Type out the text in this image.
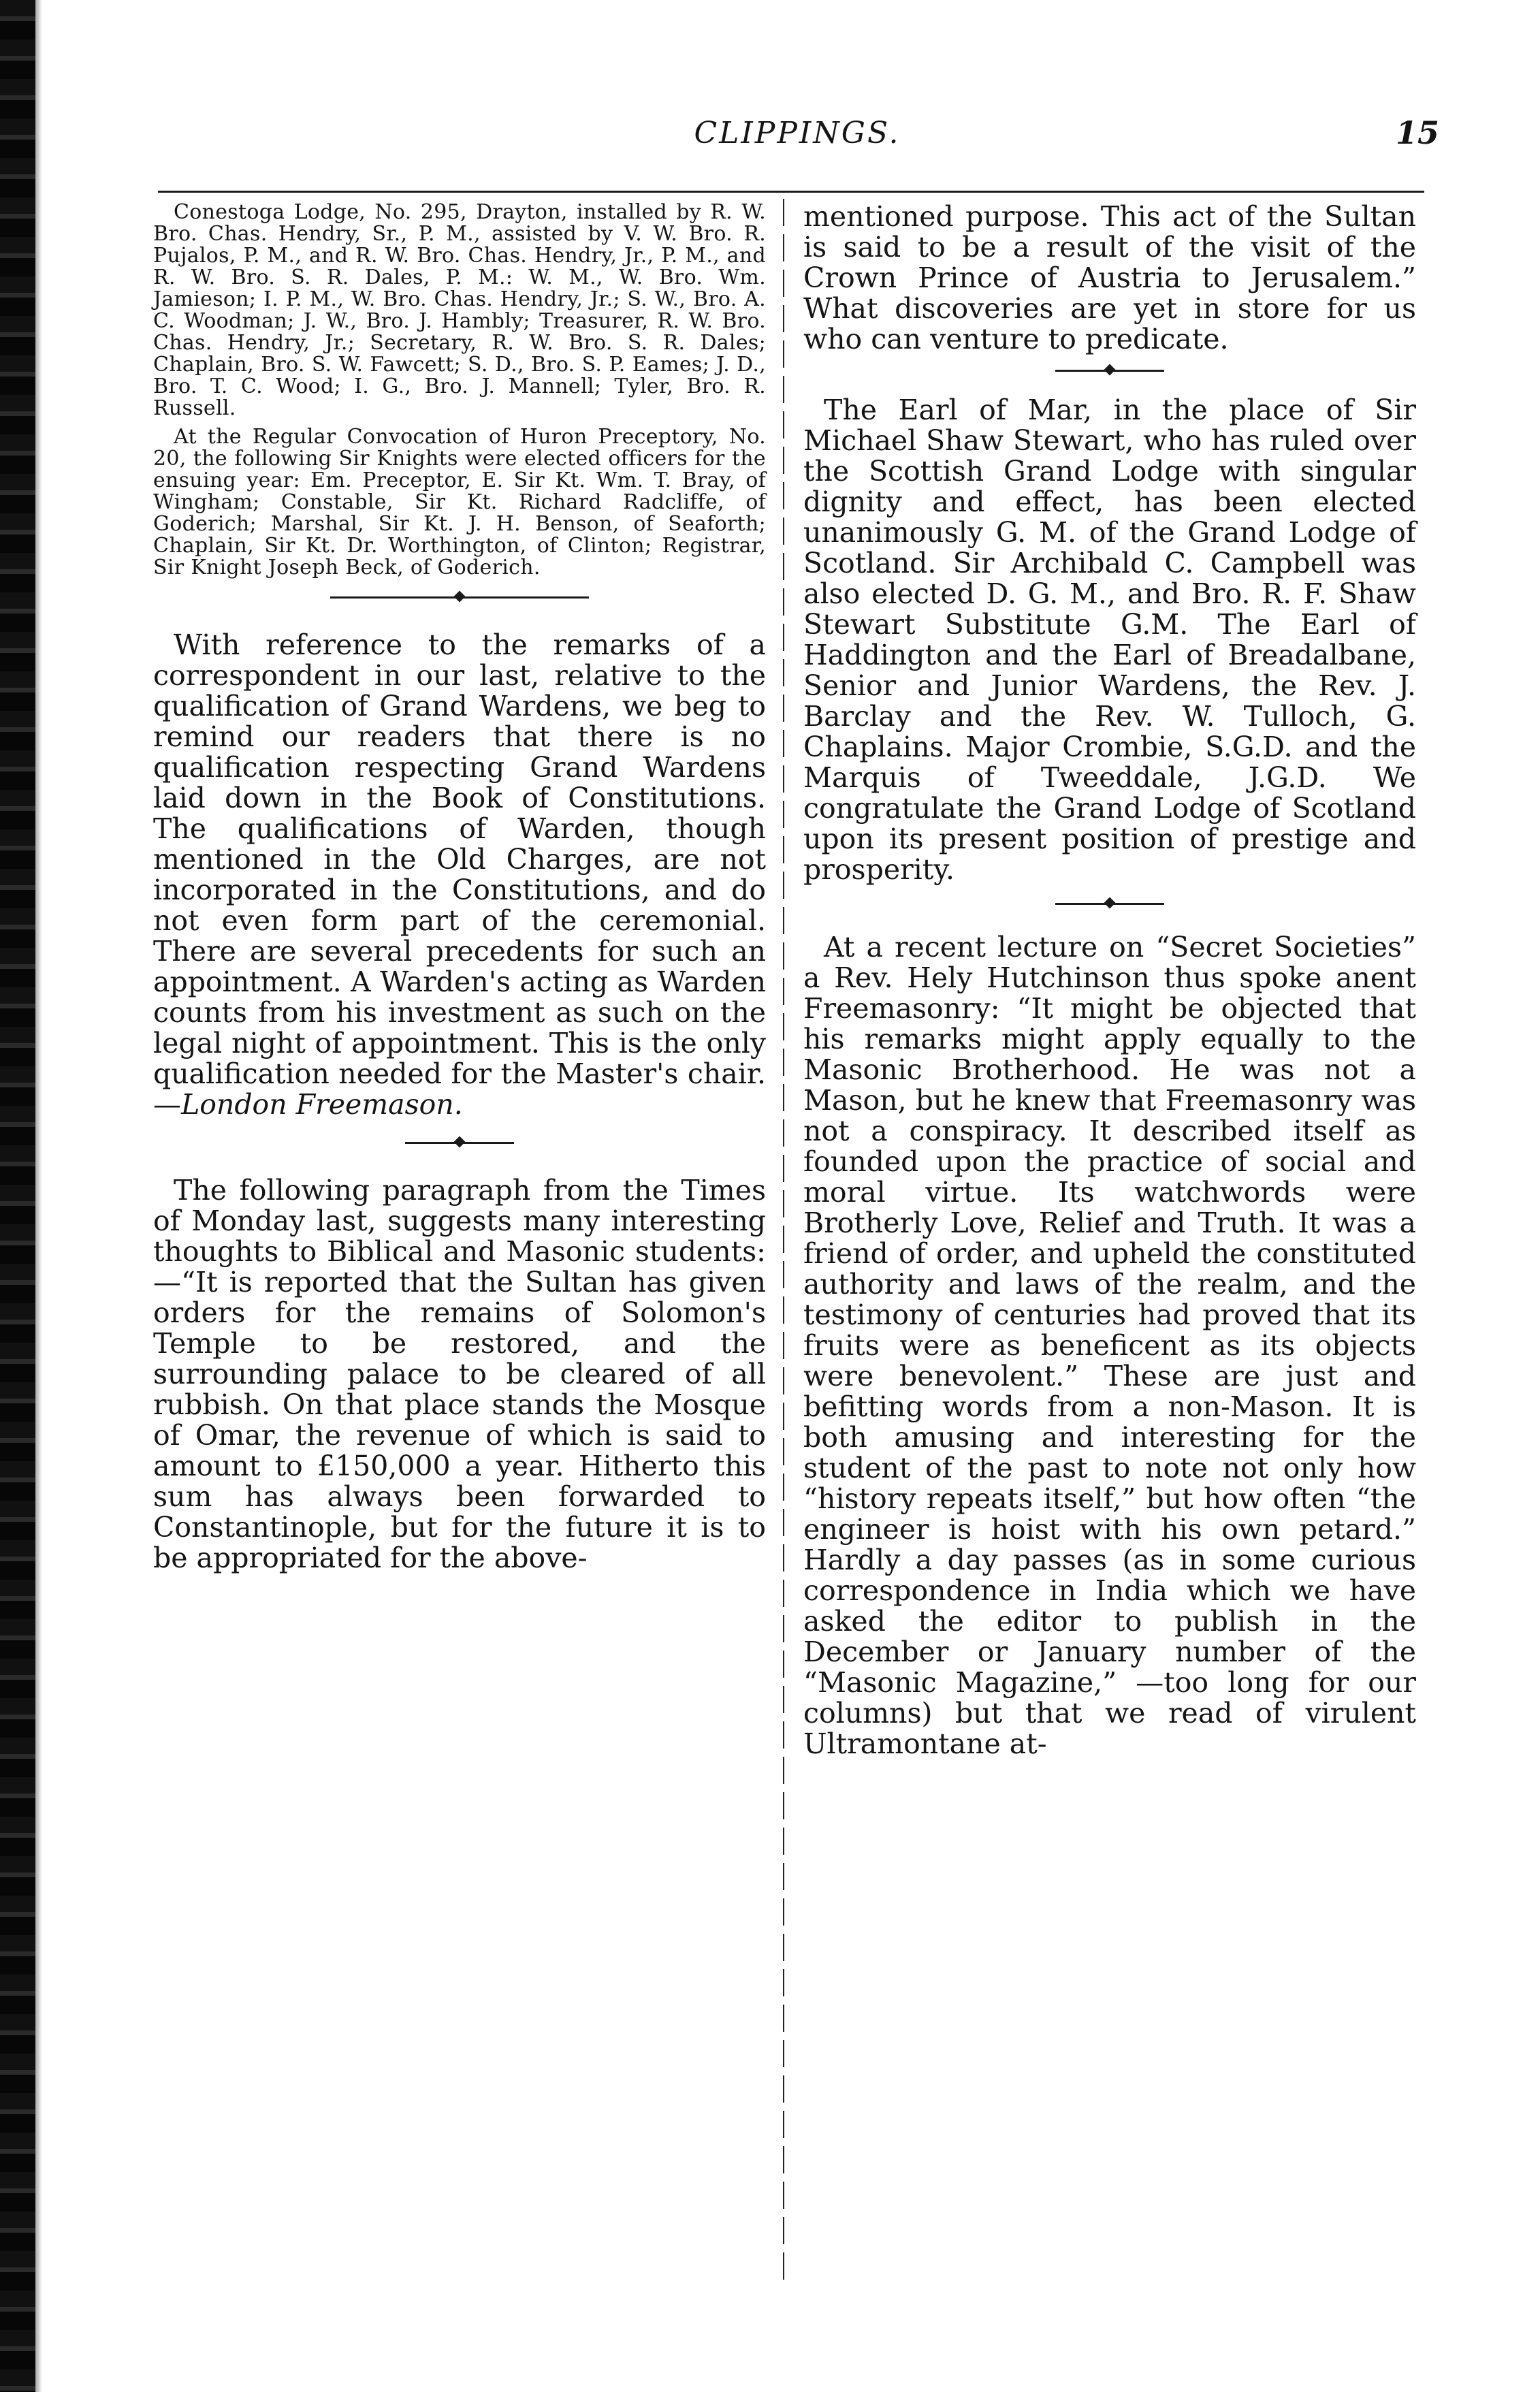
CLIPPINGS.	15

Conestoga Lodge, No. 295, Drayton, installed by R. W. Bro. Chas. Hendry, Sr., P. M., assisted by V. W. Bro. R. Pujalos, P. M., and R. W. Bro. Chas. Hendry, Jr., P. M., and R. W. Bro. S. R. Dales, P. M.: W. M., W. Bro. Wm. Jamieson; I. P. M., W. Bro. Chas. Hendry, Jr.; S. W., Bro. A. C. Woodman; J. W., Bro. J. Hambly; Treasurer, R. W. Bro. Chas. Hendry, Jr.; Secretary, R. W. Bro. S. R. Dales; Chaplain, Bro. S. W. Fawcett; S. D., Bro. S. P. Eames; J. D., Bro. T. C. Wood; I. G., Bro. J. Mannell; Tyler, Bro. R. Russell.

At the Regular Convocation of Huron Preceptory, No. 20, the following Sir Knights were elected officers for the ensuing year: Em. Preceptor, E. Sir Kt. Wm. T. Bray, of Wingham; Constable, Sir Kt. Richard Radcliffe, of Goderich; Marshal, Sir Kt. J. H. Benson, of Seaforth; Chaplain, Sir Kt. Dr. Worthington, of Clinton; Registrar, Sir Knight Joseph Beck, of Goderich.

With reference to the remarks of a correspondent in our last, relative to the qualification of Grand Wardens, we beg to remind our readers that there is no qualification respecting Grand Wardens laid down in the Book of Constitutions. The qualifications of Warden, though mentioned in the Old Charges, are not incorporated in the Constitutions, and do not even form part of the ceremonial. There are several precedents for such an appointment. A Warden's acting as Warden counts from his investment as such on the legal night of appointment. This is the only qualification needed for the Master's chair.—London Freemason.

The following paragraph from the Times of Monday last, suggests many interesting thoughts to Biblical and Masonic students:—“It is reported that the Sultan has given orders for the remains of Solomon's Temple to be restored, and the surrounding palace to be cleared of all rubbish. On that place stands the Mosque of Omar, the revenue of which is said to amount to £150,000 a year. Hitherto this sum has always been forwarded to Constantinople, but for the future it is to be appropriated for the above-

mentioned purpose. This act of the Sultan is said to be a result of the visit of the Crown Prince of Austria to Jerusalem.” What discoveries are yet in store for us who can venture to predicate.

The Earl of Mar, in the place of Sir Michael Shaw Stewart, who has ruled over the Scottish Grand Lodge with singular dignity and effect, has been elected unanimously G. M. of the Grand Lodge of Scotland. Sir Archibald C. Campbell was also elected D. G. M., and Bro. R. F. Shaw Stewart Substitute G.M. The Earl of Haddington and the Earl of Breadalbane, Senior and Junior Wardens, the Rev. J. Barclay and the Rev. W. Tulloch, G. Chaplains. Major Crombie, S.G.D. and the Marquis of Tweeddale, J.G.D. We congratulate the Grand Lodge of Scotland upon its present position of prestige and prosperity.

At a recent lecture on “Secret Societies” a Rev. Hely Hutchinson thus spoke anent Freemasonry: “It might be objected that his remarks might apply equally to the Masonic Brotherhood. He was not a Mason, but he knew that Freemasonry was not a conspiracy. It described itself as founded upon the practice of social and moral virtue. Its watchwords were Brotherly Love, Relief and Truth. It was a friend of order, and upheld the constituted authority and laws of the realm, and the testimony of centuries had proved that its fruits were as beneficent as its objects were benevolent.” These are just and befitting words from a non-Mason. It is both amusing and interesting for the student of the past to note not only how “history repeats itself,” but how often “the engineer is hoist with his own petard.” Hardly a day passes (as in some curious correspondence in India which we have asked the editor to publish in the December or January number of the “Masonic Magazine,” —too long for our columns) but that we read of virulent Ultramontane at-
